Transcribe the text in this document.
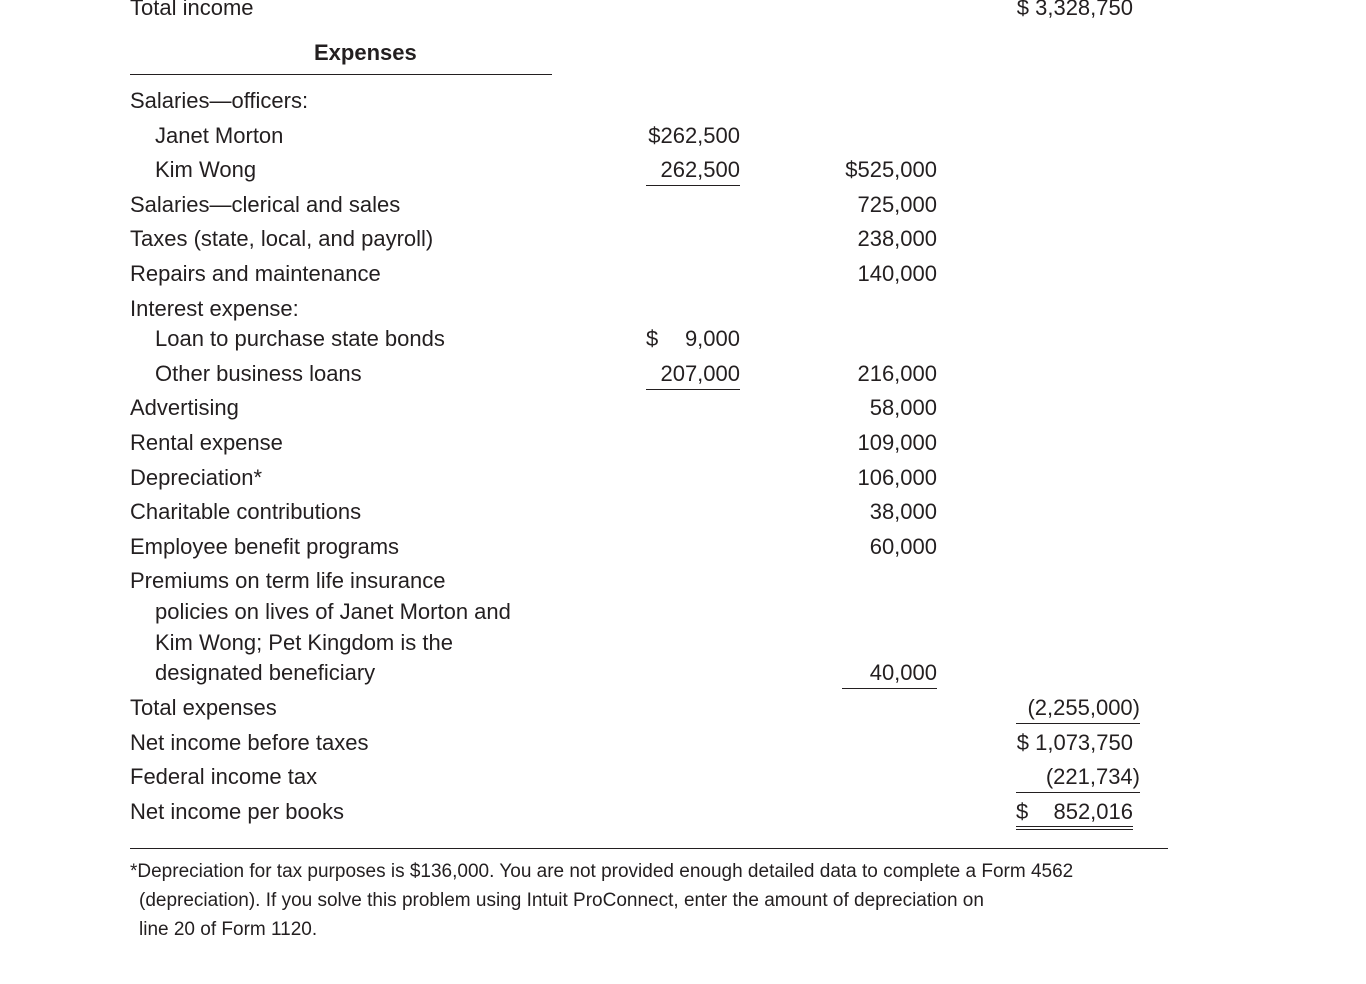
Total income	$ 3,328,750
Expenses
Salaries—officers:
Janet Morton	$262,500
Kim Wong	262,500	$525,000
Salaries—clerical and sales	725,000
Taxes (state, local, and payroll)	238,000
Repairs and maintenance	140,000
Interest expense:
Loan to purchase state bonds	$ 9,000
Other business loans	207,000	216,000
Advertising	58,000
Rental expense	109,000
Depreciation*	106,000
Charitable contributions	38,000
Employee benefit programs	60,000
Premiums on term life insurance
policies on lives of Janet Morton and
Kim Wong; Pet Kingdom is the
designated beneficiary	40,000
Total expenses	(2,255,000)
Net income before taxes	$ 1,073,750
Federal income tax	(221,734)
Net income per books	$ 852,016
*Depreciation for tax purposes is $136,000. You are not provided enough detailed data to complete a Form 4562
(depreciation). If you solve this problem using Intuit ProConnect, enter the amount of depreciation on
line 20 of Form 1120.
